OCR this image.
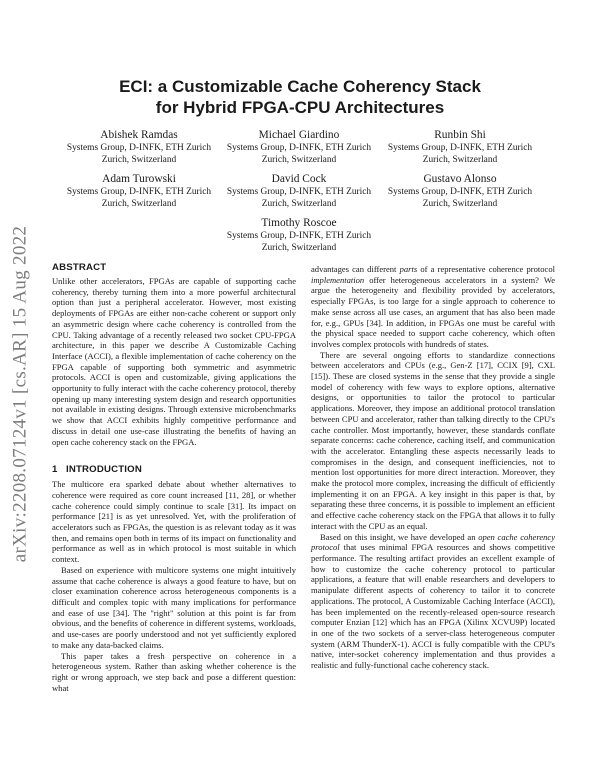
arXiv:2208.07124v1 [cs.AR] 15 Aug 2022
ECI: a Customizable Cache Coherency Stack
for Hybrid FPGA-CPU Architectures
Abishek Ramdas
Systems Group, D-INFK, ETH Zurich
Zurich, Switzerland
Michael Giardino
Systems Group, D-INFK, ETH Zurich
Zurich, Switzerland
Runbin Shi
Systems Group, D-INFK, ETH Zurich
Zurich, Switzerland
Adam Turowski
Systems Group, D-INFK, ETH Zurich
Zurich, Switzerland
David Cock
Systems Group, D-INFK, ETH Zurich
Zurich, Switzerland
Gustavo Alonso
Systems Group, D-INFK, ETH Zurich
Zurich, Switzerland
Timothy Roscoe
Systems Group, D-INFK, ETH Zurich
Zurich, Switzerland
ABSTRACT

Unlike other accelerators, FPGAs are capable of supporting cache coherency, thereby turning them into a more powerful architectural option than just a peripheral accelerator. However, most existing deployments of FPGAs are either non-cache coherent or support only an asymmetric design where cache coherency is controlled from the CPU. Taking advantage of a recently released two socket CPU-FPGA architecture, in this paper we describe A Customizable Caching Interface (ACCI), a flexible implementation of cache coherency on the FPGA capable of supporting both symmetric and asymmetric protocols. ACCI is open and customizable, giving applications the opportunity to fully interact with the cache coherency protocol, thereby opening up many interesting system design and research opportunities not available in existing designs. Through extensive microbenchmarks we show that ACCI exhibits highly competitive performance and discuss in detail one use-case illustrating the benefits of having an open cache coherency stack on the FPGA.

1 INTRODUCTION

The multicore era sparked debate about whether alternatives to coherence were required as core count increased [11, 28], or whether cache coherence could simply continue to scale [31]. Its impact on performance [21] is as yet unresolved. Yet, with the proliferation of accelerators such as FPGAs, the question is as relevant today as it was then, and remains open both in terms of its impact on functionality and performance as well as in which protocol is most suitable in which context.

Based on experience with multicore systems one might intuitively assume that cache coherence is always a good feature to have, but on closer examination coherence across heterogeneous components is a difficult and complex topic with many implications for performance and ease of use [34]. The "right" solution at this point is far from obvious, and the benefits of coherence in different systems, workloads, and use-cases are poorly understood and not yet sufficiently explored to make any data-backed claims.

This paper takes a fresh perspective on coherence in a heterogeneous system. Rather than asking whether coherence is the right or wrong approach, we step back and pose a different question: what

advantages can different parts of a representative coherence protocol implementation offer heterogeneous accelerators in a system? We argue the heterogeneity and flexibility provided by accelerators, especially FPGAs, is too large for a single approach to coherence to make sense across all use cases, an argument that has also been made for, e.g., GPUs [34]. In addition, in FPGAs one must be careful with the physical space needed to support cache coherency, which often involves complex protocols with hundreds of states.

There are several ongoing efforts to standardize connections between accelerators and CPUs (e.g., Gen-Z [17], CCIX [9], CXL [15]). These are closed systems in the sense that they provide a single model of coherency with few ways to explore options, alternative designs, or opportunities to tailor the protocol to particular applications. Moreover, they impose an additional protocol translation between CPU and accelerator, rather than talking directly to the CPU's cache controller. Most importantly, however, these standards conflate separate concerns: cache coherence, caching itself, and communication with the accelerator. Entangling these aspects necessarily leads to compromises in the design, and consequent inefficiencies, not to mention lost opportunities for more direct interaction. Moreover, they make the protocol more complex, increasing the difficult of efficiently implementing it on an FPGA. A key insight in this paper is that, by separating these three concerns, it is possible to implement an efficient and effective cache coherency stack on the FPGA that allows it to fully interact with the CPU as an equal.

Based on this insight, we have developed an open cache coherency protocol that uses minimal FPGA resources and shows competitive performance. The resulting artifact provides an excellent example of how to customize the cache coherency protocol to particular applications, a feature that will enable researchers and developers to manipulate different aspects of coherency to tailor it to concrete applications. The protocol, A Customizable Caching Interface (ACCI), has been implemented on the recently-released open-source research computer Enzian [12] which has an FPGA (Xilinx XCVU9P) located in one of the two sockets of a server-class heterogeneous computer system (ARM ThunderX-1). ACCI is fully compatible with the CPU's native, inter-socket coherency implementation and thus provides a realistic and fully-functional cache coherency stack.
